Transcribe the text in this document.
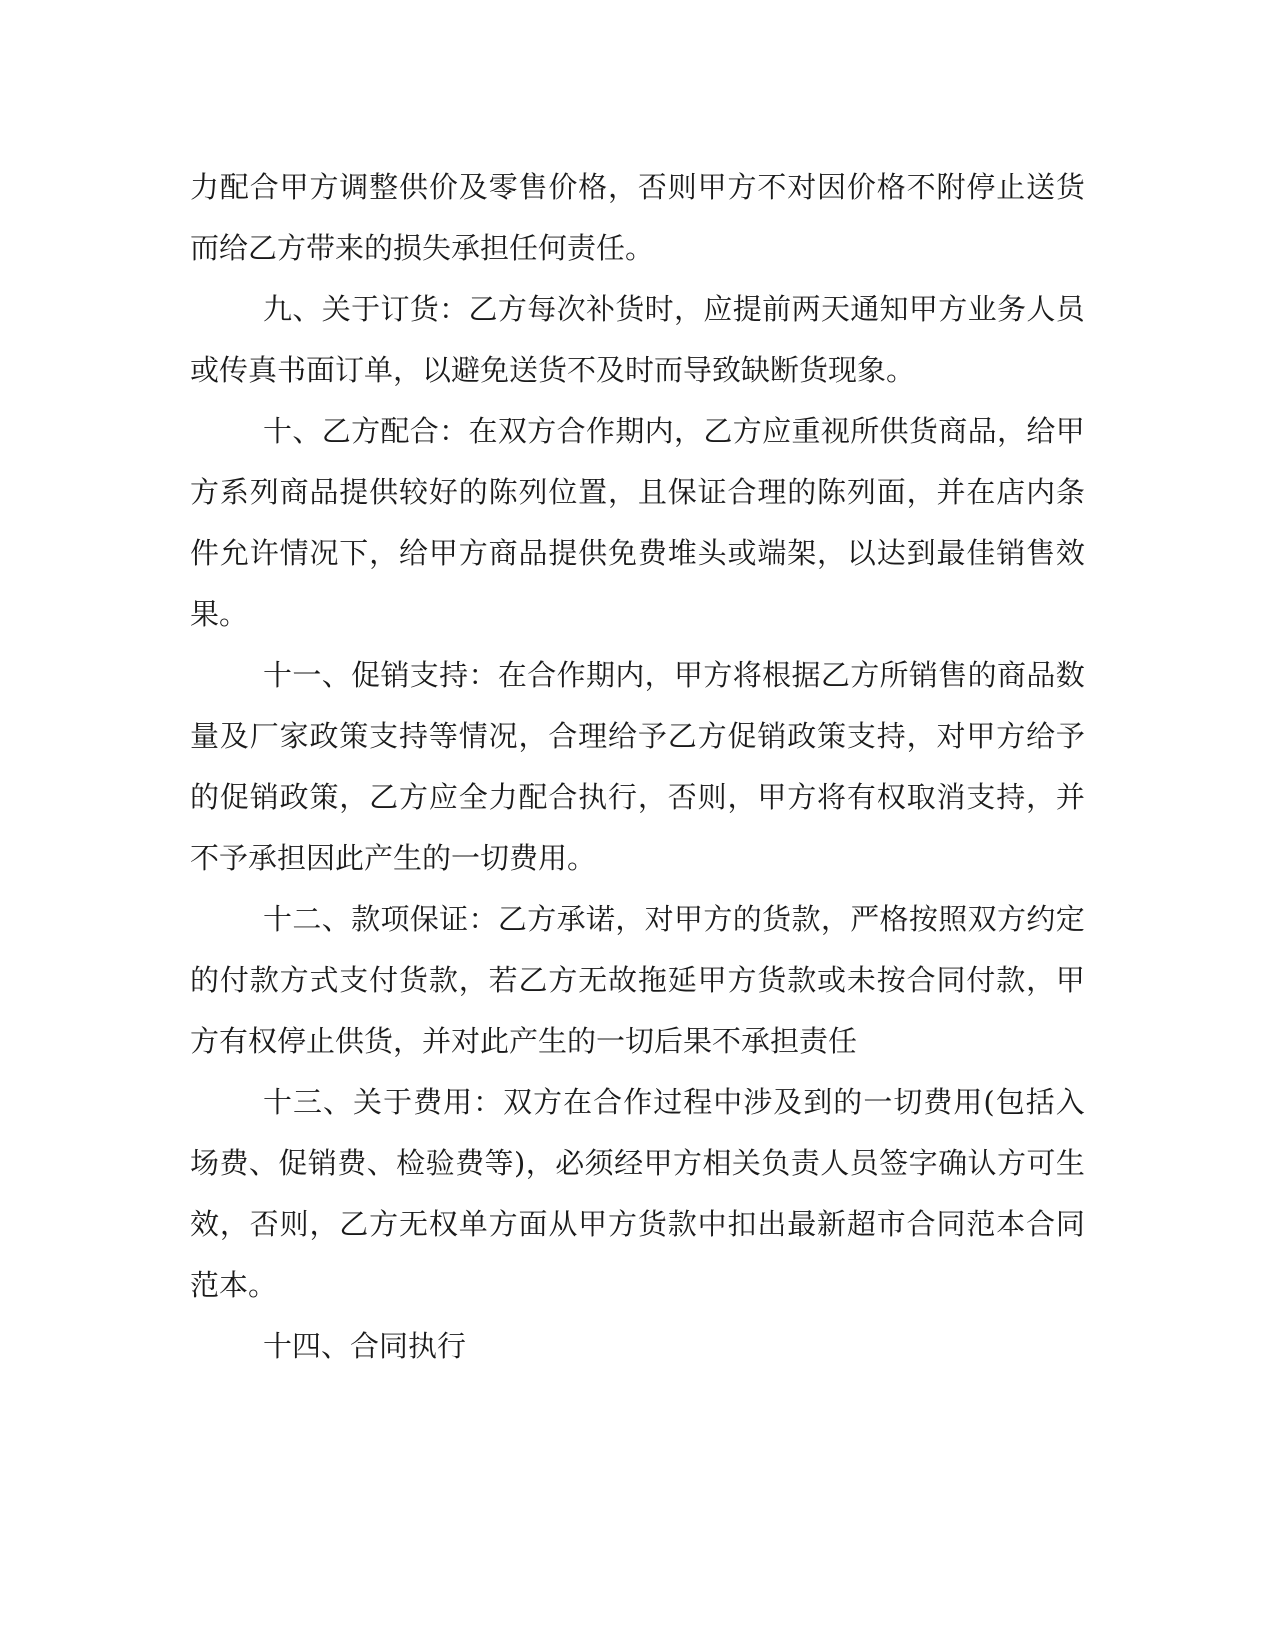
力 配 合 甲 方 调 整 供 价 及 零 售 价 格 ， 否 则 甲 方 不 对 因 价 格 不 附 停 止 送 货
而给乙方带来的损失承担任何责任。
九 、 关 于 订 货 ： 乙 方 每 次 补 货 时 ， 应 提 前 两 天 通 知 甲 方 业 务 人 员
或传真书面订单，以避免送货不及时而导致缺断货现象。
十 、 乙 方 配 合 ： 在 双 方 合 作 期 内 ， 乙 方 应 重 视 所 供 货 商 品 ， 给 甲
方 系 列 商 品 提 供 较 好 的 陈 列 位 置 ， 且 保 证 合 理 的 陈 列 面 ， 并 在 店 内 条
件 允 许 情 况 下 ， 给 甲 方 商 品 提 供 免 费 堆 头 或 端 架 ， 以 达 到 最 佳 销 售 效
果。
十 一 、 促 销 支 持 ： 在 合 作 期 内 ， 甲 方 将 根 据 乙 方 所 销 售 的 商 品 数
量 及 厂 家 政 策 支 持 等 情 况 ， 合 理 给 予 乙 方 促 销 政 策 支 持 ， 对 甲 方 给 予
的 促 销 政 策 ， 乙 方 应 全 力 配 合 执 行 ， 否 则 ， 甲 方 将 有 权 取 消 支 持 ， 并
不予承担因此产生的一切费用。
十 二 、 款 项 保 证 ： 乙 方 承 诺 ， 对 甲 方 的 货 款 ， 严 格 按 照 双 方 约 定
的 付 款 方 式 支 付 货 款 ， 若 乙 方 无 故 拖 延 甲 方 货 款 或 未 按 合 同 付 款 ， 甲
方有权停止供货，并对此产生的一切后果不承担责任
十 三 、 关 于 费 用 ： 双 方 在 合 作 过 程 中 涉 及 到 的 一 切 费 用 ( 包 括 入
场 费 、 促 销 费 、 检 验 费 等 ) ， 必 须 经 甲 方 相 关 负 责 人 员 签 字 确 认 方 可 生
效 ， 否 则 ， 乙 方 无 权 单 方 面 从 甲 方 货 款 中 扣 出 最 新 超 市 合 同 范 本 合 同
范本。
十四、合同执行
